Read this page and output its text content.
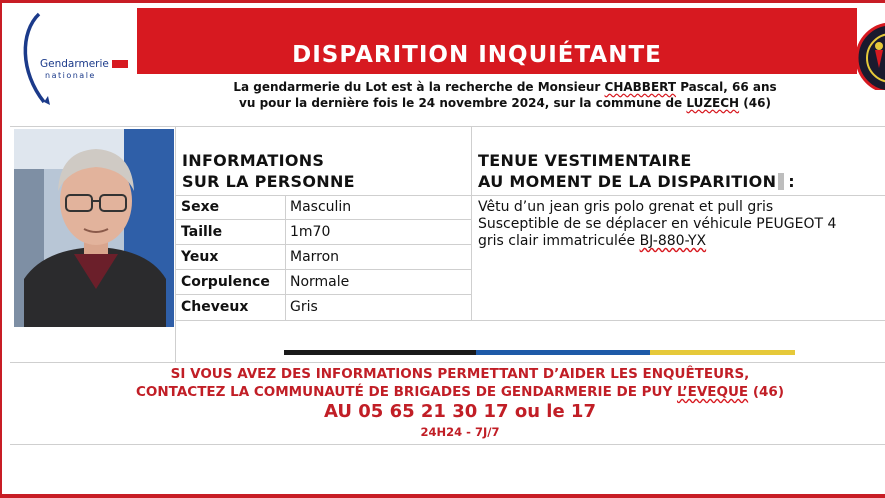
Gendarmerie
nationale
DISPARITION INQUIÉTANTE
La gendarmerie du Lot est à la recherche de Monsieur CHABBERT Pascal, 66 ans
vu pour la dernière fois le 24 novembre 2024, sur la commune de LUZECH (46)
INFORMATIONS
SUR LA PERSONNE
Sexe	Masculin
Taille	1m70
Yeux	Marron
Corpulence Normale
Cheveux	Gris
TENUE VESTIMENTAIRE
AU MOMENT DE LA DISPARITION :
Vêtu d’un jean gris polo grenat et pull gris
Susceptible de se déplacer en véhicule PEUGEOT 4
gris clair immatriculée BJ-880-YX
SI VOUS AVEZ DES INFORMATIONS PERMETTANT D’AIDER LES ENQUÊTEURS,
CONTACTEZ LA COMMUNAUTÉ DE BRIGADES DE GENDARMERIE DE PUY L’EVEQUE (46)
AU 05 65 21 30 17 ou le 17
24H24 - 7J/7
